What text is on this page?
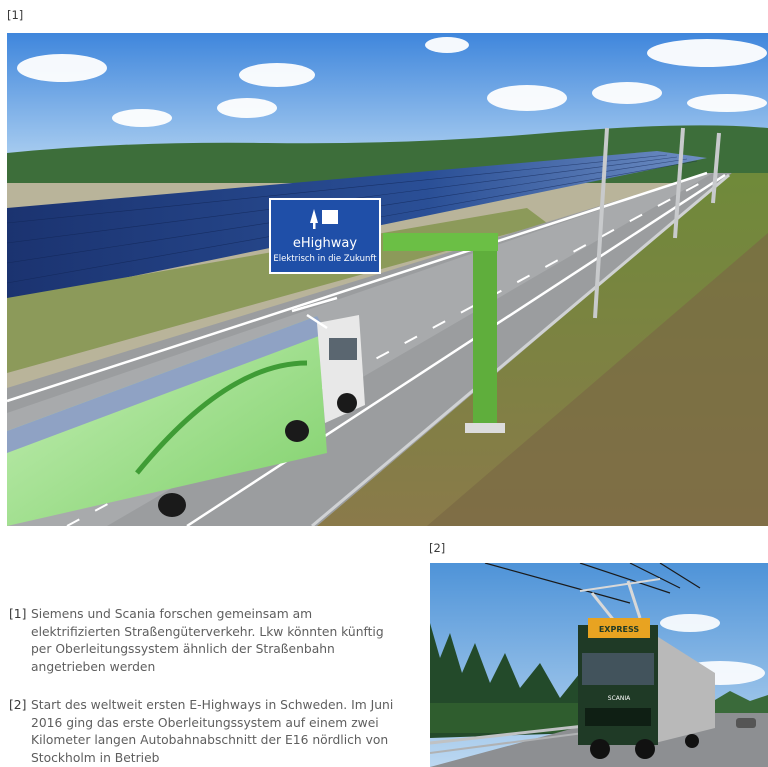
[1]
eHighway
Elektrisch in die Zukunft
[2]
EXPRESS
SCANIA
[1] Siemens und Scania forschen gemeinsam am elektrifizierten Straßengüterverkehr. Lkw könnten künftig per Oberleitungssystem ähnlich der Straßenbahn angetrieben werden
[2] Start des weltweit ersten E-Highways in Schweden. Im Juni 2016 ging das erste Oberleitungssystem auf einem zwei Kilometer langen Autobahnabschnitt der E16 nördlich von Stockholm in Betrieb
